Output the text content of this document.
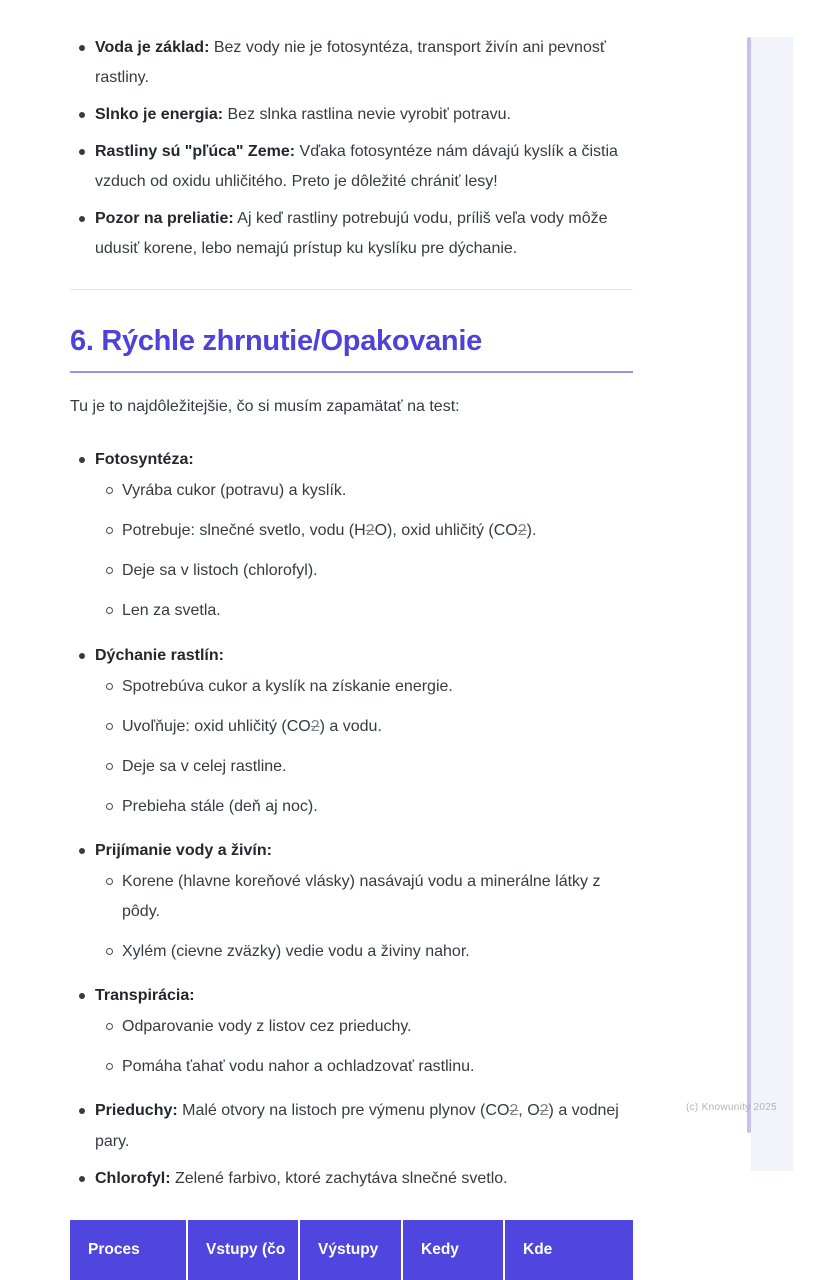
Voda je základ: Bez vody nie je fotosyntéza, transport živín ani pevnosť rastliny.
Slnko je energia: Bez slnka rastlina nevie vyrobiť potravu.
Rastliny sú "pľúca" Zeme: Vďaka fotosyntéze nám dávajú kyslík a čistia vzduch od oxidu uhličitého. Preto je dôležité chrániť lesy!
Pozor na preliatie: Aj keď rastliny potrebujú vodu, príliš veľa vody môže udusiť korene, lebo nemajú prístup ku kyslíku pre dýchanie.
6. Rýchle zhrnutie/Opakovanie

Tu je to najdôležitejšie, čo si musím zapamätať na test:

Fotosyntéza:
Vyrába cukor (potravu) a kyslík.
Potrebuje: slnečné svetlo, vodu (H2O), oxid uhličitý (CO2).
Deje sa v listoch (chlorofyl).
Len za svetla.
Dýchanie rastlín:
Spotrebúva cukor a kyslík na získanie energie.
Uvoľňuje: oxid uhličitý (CO2) a vodu.
Deje sa v celej rastline.
Prebieha stále (deň aj noc).
Prijímanie vody a živín:
Korene (hlavne koreňové vlásky) nasávajú vodu a minerálne látky z pôdy.
Xylém (cievne zväzky) vedie vodu a živiny nahor.
Transpirácia:
Odparovanie vody z listov cez prieduchy.
Pomáha ťahať vodu nahor a ochladzovať rastlinu.
Prieduchy: Malé otvory na listoch pre výmenu plynov (CO2, O2) a vodnej pary.
Chlorofyl: Zelené farbivo, ktoré zachytáva slnečné svetlo.
Proces	Vstupy (čo	Výstupy	Kedy	Kde
(c) Knowunity 2025
